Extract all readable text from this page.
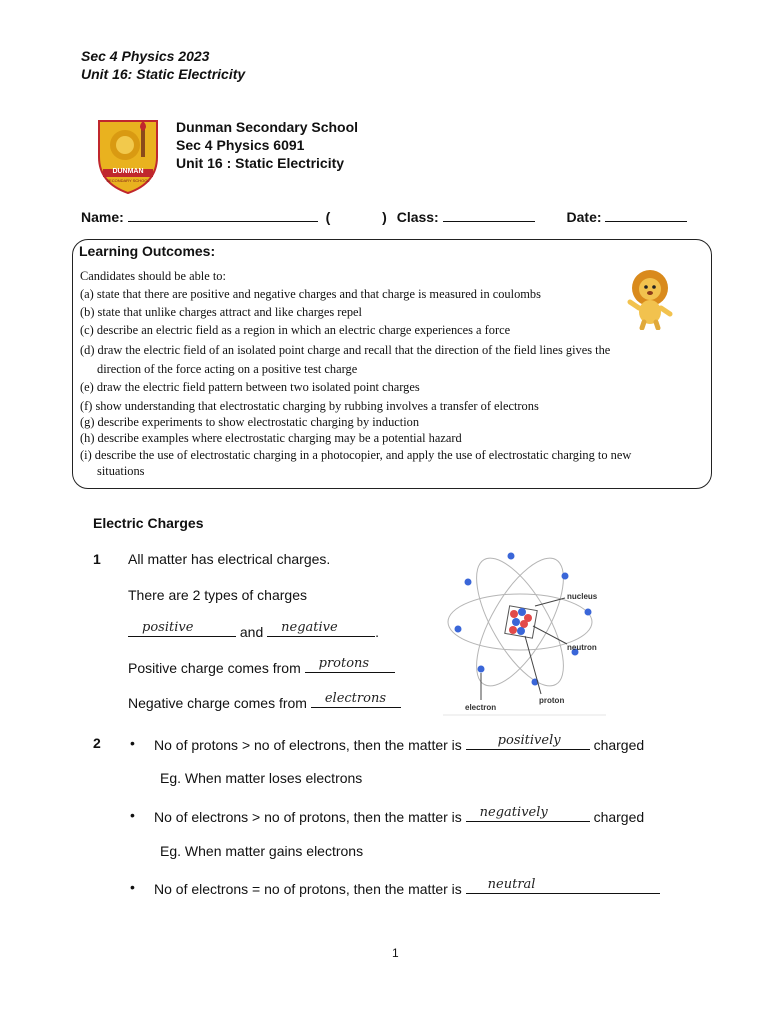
Sec 4 Physics 2023
Unit 16: Static Electricity
DUNMAN
SECONDARY SCHOOL
Dunman Secondary School
Sec 4 Physics 6091
Unit 16 : Static Electricity
Name:	(	) Class:	Date:
Learning Outcomes:
Candidates should be able to:
(a) state that there are positive and negative charges and that charge is measured in coulombs
(b) state that unlike charges attract and like charges repel
(c) describe an electric field as a region in which an electric charge experiences a force
(d) draw the electric field of an isolated point charge and recall that the direction of the field lines gives the
direction of the force acting on a positive test charge
(e) draw the electric field pattern between two isolated point charges
(f) show understanding that electrostatic charging by rubbing involves a transfer of electrons
(g) describe experiments to show electrostatic charging by induction
(h) describe examples where electrostatic charging may be a potential hazard
(i) describe the use of electrostatic charging in a photocopier, and apply the use of electrostatic charging to new
situations
Electric Charges
1 All matter has electrical charges.
There are 2 types of charges
positive	and negative	.
Positive charge comes from protons
Negative charge comes from electrons
nucleus
neutron
proton
electron
2 • No of protons > no of electrons, then the matter is	positively charged
Eg. When matter loses electrons
• No of electrons > no of protons, then the matter is negatively	charged
Eg. When matter gains electrons
• No of electrons = no of protons, then the matter is neutral
1
